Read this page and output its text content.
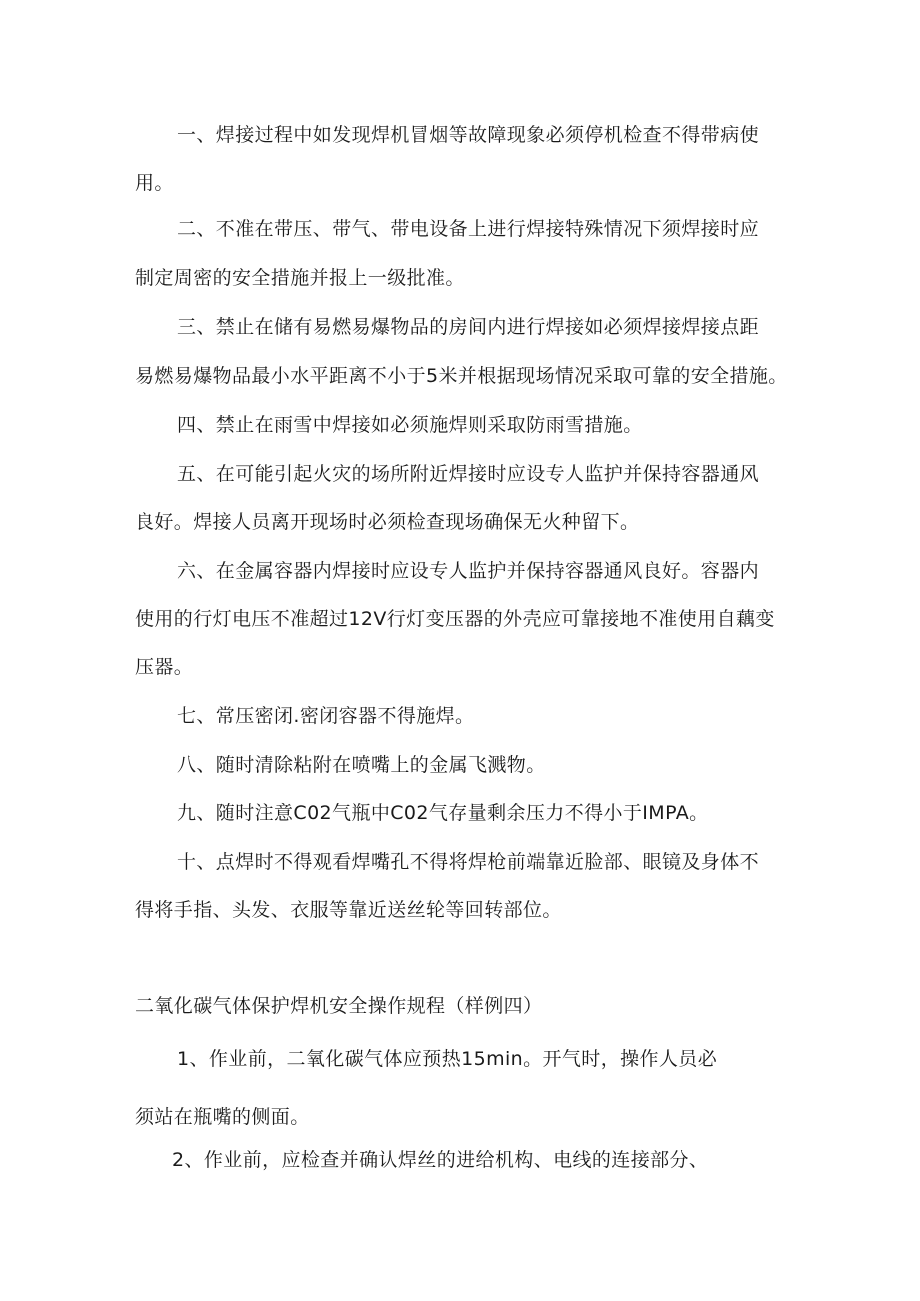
一、焊接过程中如发现焊机冒烟等故障现象必须停机检查不得带病使
用。
二、不准在带压、带气、带电设备上进行焊接特殊情况下须焊接时应
制定周密的安全措施并报上一级批准。
三、禁止在储有易燃易爆物品的房间内进行焊接如必须焊接焊接点距
易燃易爆物品最小水平距离不小于5米并根据现场情况采取可靠的安全措施。
四、禁止在雨雪中焊接如必须施焊则采取防雨雪措施。
五、在可能引起火灾的场所附近焊接时应设专人监护并保持容器通风
良好。焊接人员离开现场时必须检查现场确保无火种留下。
六、在金属容器内焊接时应设专人监护并保持容器通风良好。容器内
使用的行灯电压不准超过12V行灯变压器的外壳应可靠接地不准使用自藕变
压器。
七、常压密闭.密闭容器不得施焊。
八、随时清除粘附在喷嘴上的金属飞溅物。
九、随时注意C02气瓶中C02气存量剩余压力不得小于IMPA。
十、点焊时不得观看焊嘴孔不得将焊枪前端靠近脸部、眼镜及身体不
得将手指、头发、衣服等靠近送丝轮等回转部位。
二氧化碳气体保护焊机安全操作规程（样例四）
1、作业前，二氧化碳气体应预热15min。开气时，操作人员必
须站在瓶嘴的侧面。
2、作业前，应检查并确认焊丝的进给机构、电线的连接部分、
